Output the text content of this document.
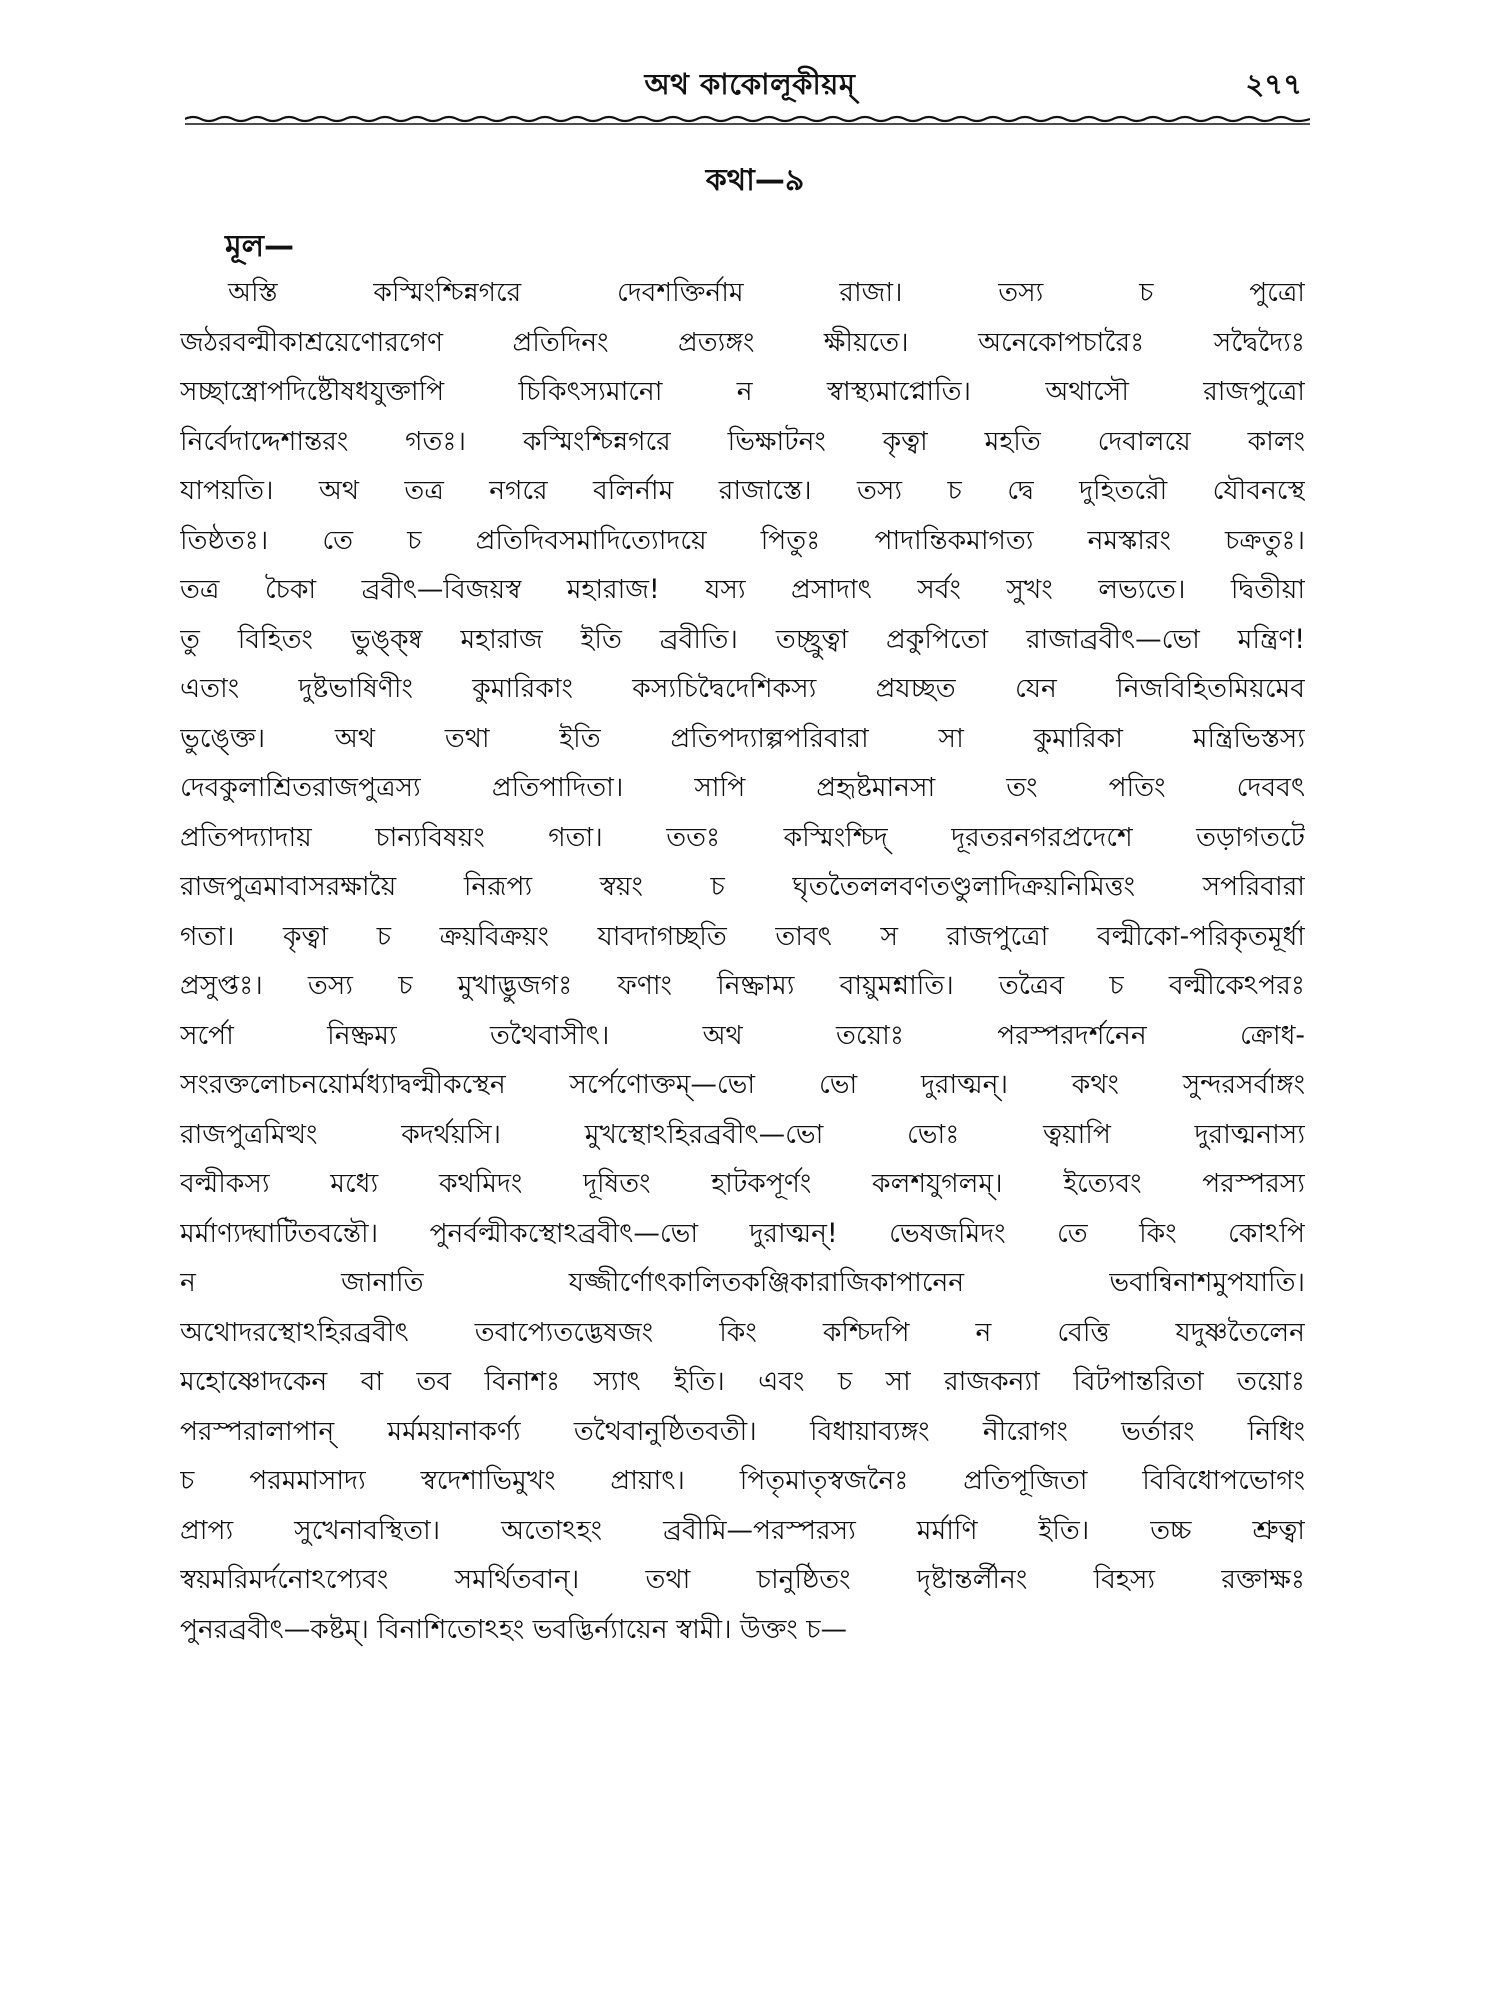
অথ কাকোলূকীয়ম্	২৭৭
কথা—৯
মূল—
অস্তি কস্মিংশ্চিন্নগরে দেবশক্তির্নাম রাজা। তস্য চ পুত্রো
জঠরবল্মীকাশ্রয়েণোরগেণ প্রতিদিনং প্রত্যঙ্গং ক্ষীয়তে। অনেকোপচারৈঃ সদ্বৈদ্যৈঃ
সচ্ছাস্ত্রোপদিষ্টৌষধযুক্তাপি চিকিৎস্যমানো ন স্বাস্থ্যমাপ্নোতি। অথাসৌ রাজপুত্রো
নির্বেদাদ্দেশান্তরং গতঃ। কস্মিংশ্চিন্নগরে ভিক্ষাটনং কৃত্বা মহতি দেবালয়ে কালং
যাপয়তি। অথ তত্র নগরে বলির্নাম রাজাস্তে। তস্য চ দ্বে দুহিতরৌ যৌবনস্থে
তিষ্ঠতঃ। তে চ প্রতিদিবসমাদিত্যোদয়ে পিতুঃ পাদান্তিকমাগত্য নমস্কারং চক্রতুঃ।
তত্র চৈকা ব্রবীৎ—বিজয়স্ব মহারাজ! যস্য প্রসাদাৎ সর্বং সুখং লভ্যতে। দ্বিতীয়া
তু বিহিতং ভুঙ্ক্ষ্ব মহারাজ ইতি ব্রবীতি। তচ্ছ্রুত্বা প্রকুপিতো রাজাব্রবীৎ—ভো মন্ত্রিণ!
এতাং দুষ্টভাষিণীং কুমারিকাং কস্যচিদ্বৈদেশিকস্য প্রযচ্ছত যেন নিজবিহিতমিয়মেব
ভুঙ্ক্তে। অথ তথা ইতি প্রতিপদ্যাল্পপরিবারা সা কুমারিকা মন্ত্রিভিস্তস্য
দেবকুলাশ্রিতরাজপুত্রস্য প্রতিপাদিতা। সাপি প্রহৃষ্টমানসা তং পতিং দেববৎ
প্রতিপদ্যাদায় চান্যবিষয়ং গতা। ততঃ কস্মিংশ্চিদ্ দূরতরনগরপ্রদেশে তড়াগতটে
রাজপুত্রমাবাসরক্ষায়ৈ নিরূপ্য স্বয়ং চ ঘৃততৈললবণতণ্ডুলাদিক্রয়নিমিত্তং সপরিবারা
গতা। কৃত্বা চ ক্রয়বিক্রয়ং যাবদাগচ্ছতি তাবৎ স রাজপুত্রো বল্মীকো-পরিকৃতমূর্ধা
প্রসুপ্তঃ। তস্য চ মুখাদ্ভুজগঃ ফণাং নিষ্ক্রাম্য বায়ুমশ্নাতি। তত্রৈব চ বল্মীকেঽপরঃ
সর্পো নিষ্ক্রম্য তথৈবাসীৎ। অথ তয়োঃ পরস্পরদর্শনেন ক্রোধ-
সংরক্তলোচনয়োর্মধ্যাদ্বল্মীকস্থেন সর্পেণোক্তম্—ভো ভো দুরাত্মন্। কথং সুন্দরসর্বাঙ্গং
রাজপুত্রমিত্থং কদর্থয়সি। মুখস্থোঽহিরব্রবীৎ—ভো ভোঃ ত্বয়াপি দুরাত্মনাস্য
বল্মীকস্য মধ্যে কথমিদং দূষিতং হাটকপূর্ণং কলশযুগলম্। ইত্যেবং পরস্পরস্য
মর্মাণ্যদ্ঘাটিতবন্তৌ। পুনর্বল্মীকস্থোঽব্রবীৎ—ভো দুরাত্মন্! ভেষজমিদং তে কিং কোঽপি
ন জানাতি যজ্জীর্ণোৎকালিতকঞ্জিকারাজিকাপানেন ভবান্বিনাশমুপযাতি।
অথোদরস্থোঽহিরব্রবীৎ তবাপ্যেতদ্ভেষজং কিং কশ্চিদপি ন বেত্তি যদুষ্ণতৈলেন
মহোষ্ণোদকেন বা তব বিনাশঃ স্যাৎ ইতি। এবং চ সা রাজকন্যা বিটপান্তরিতা তয়োঃ
পরস্পরালাপান্ মর্মময়ানাকর্ণ্য তথৈবানুষ্ঠিতবতী। বিধায়াব্যঙ্গং নীরোগং ভর্তারং নিধিং
চ পরমমাসাদ্য স্বদেশাভিমুখং প্রায়াৎ। পিতৃমাতৃস্বজনৈঃ প্রতিপূজিতা বিবিধোপভোগং
প্রাপ্য সুখেনাবস্থিতা। অতোঽহং ব্রবীমি—পরস্পরস্য মর্মাণি ইতি। তচ্চ শ্রুত্বা
স্বয়মরিমর্দনোঽপ্যেবং সমর্থিতবান্। তথা চানুষ্ঠিতং দৃষ্টান্তর্লীনং বিহস্য রক্তাক্ষঃ
পুনরব্রবীৎ—কষ্টম্। বিনাশিতোঽহং ভবদ্ভির্ন্যায়েন স্বামী। উক্তং চ—
